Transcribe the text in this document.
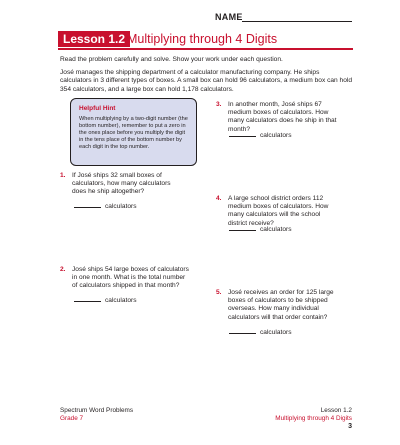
NAME
Lesson 1.2 Multiplying through 4 Digits
Read the problem carefully and solve. Show your work under each question.
José manages the shipping department of a calculator manufacturing company. He ships calculators in 3 different types of boxes. A small box can hold 96 calculators, a medium box can hold 354 calculators, and a large box can hold 1,178 calculators.
Helpful Hint
When multiplying by a two-digit number (the bottom number), remember to put a zero in the ones place before you multiply the digit in the tens place of the bottom number by each digit in the top number.
1. If José ships 32 small boxes of calculators, how many calculators does he ship altogether?
calculators
2. José ships 54 large boxes of calculators in one month. What is the total number of calculators shipped in that month?
calculators
3. In another month, José ships 67 medium boxes of calculators. How many calculators does he ship in that month?
calculators
4. A large school district orders 112 medium boxes of calculators. How many calculators will the school district receive?
calculators
5. José receives an order for 125 large boxes of calculators to be shipped overseas. How many individual calculators will that order contain?
calculators
Spectrum Word Problems
Grade 7
Lesson 1.2
Multiplying through 4 Digits
3
